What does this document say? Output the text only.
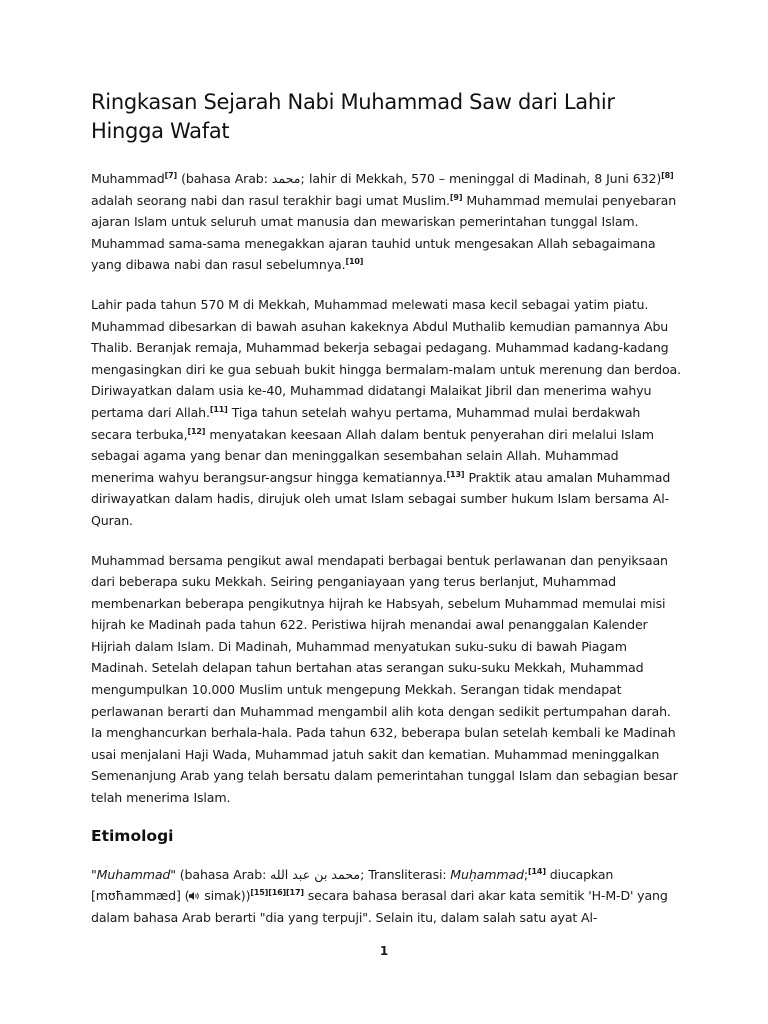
Ringkasan Sejarah Nabi Muhammad Saw dari Lahir Hingga Wafat

Muhammad[7] (bahasa Arab: محمد; lahir di Mekkah, 570 – meninggal di Madinah, 8 Juni 632)[8] adalah seorang nabi dan rasul terakhir bagi umat Muslim.[9] Muhammad memulai penyebaran ajaran Islam untuk seluruh umat manusia dan mewariskan pemerintahan tunggal Islam. Muhammad sama-sama menegakkan ajaran tauhid untuk mengesakan Allah sebagaimana yang dibawa nabi dan rasul sebelumnya.[10]

Lahir pada tahun 570 M di Mekkah, Muhammad melewati masa kecil sebagai yatim piatu. Muhammad dibesarkan di bawah asuhan kakeknya Abdul Muthalib kemudian pamannya Abu Thalib. Beranjak remaja, Muhammad bekerja sebagai pedagang. Muhammad kadang-kadang mengasingkan diri ke gua sebuah bukit hingga bermalam-malam untuk merenung dan berdoa. Diriwayatkan dalam usia ke-40, Muhammad didatangi Malaikat Jibril dan menerima wahyu pertama dari Allah.[11] Tiga tahun setelah wahyu pertama, Muhammad mulai berdakwah secara terbuka,[12] menyatakan keesaan Allah dalam bentuk penyerahan diri melalui Islam sebagai agama yang benar dan meninggalkan sesembahan selain Allah. Muhammad menerima wahyu berangsur-angsur hingga kematiannya.[13] Praktik atau amalan Muhammad diriwayatkan dalam hadis, dirujuk oleh umat Islam sebagai sumber hukum Islam bersama Al-Quran.

Muhammad bersama pengikut awal mendapati berbagai bentuk perlawanan dan penyiksaan dari beberapa suku Mekkah. Seiring penganiayaan yang terus berlanjut, Muhammad membenarkan beberapa pengikutnya hijrah ke Habsyah, sebelum Muhammad memulai misi hijrah ke Madinah pada tahun 622. Peristiwa hijrah menandai awal penanggalan Kalender Hijriah dalam Islam. Di Madinah, Muhammad menyatukan suku-suku di bawah Piagam Madinah. Setelah delapan tahun bertahan atas serangan suku-suku Mekkah, Muhammad mengumpulkan 10.000 Muslim untuk mengepung Mekkah. Serangan tidak mendapat perlawanan berarti dan Muhammad mengambil alih kota dengan sedikit pertumpahan darah. Ia menghancurkan berhala-hala. Pada tahun 632, beberapa bulan setelah kembali ke Madinah usai menjalani Haji Wada, Muhammad jatuh sakit dan kematian. Muhammad meninggalkan Semenanjung Arab yang telah bersatu dalam pemerintahan tunggal Islam dan sebagian besar telah menerima Islam.

Etimologi
"Muhammad" (bahasa Arab: محمد بن عبد الله; Transliterasi: Muḥammad;[14] diucapkan [mʊħammæd] ( simak))[15][16][17] secara bahasa berasal dari akar kata semitik 'H-M-D' yang dalam bahasa Arab berarti "dia yang terpuji". Selain itu, dalam salah satu ayat Al-
1
